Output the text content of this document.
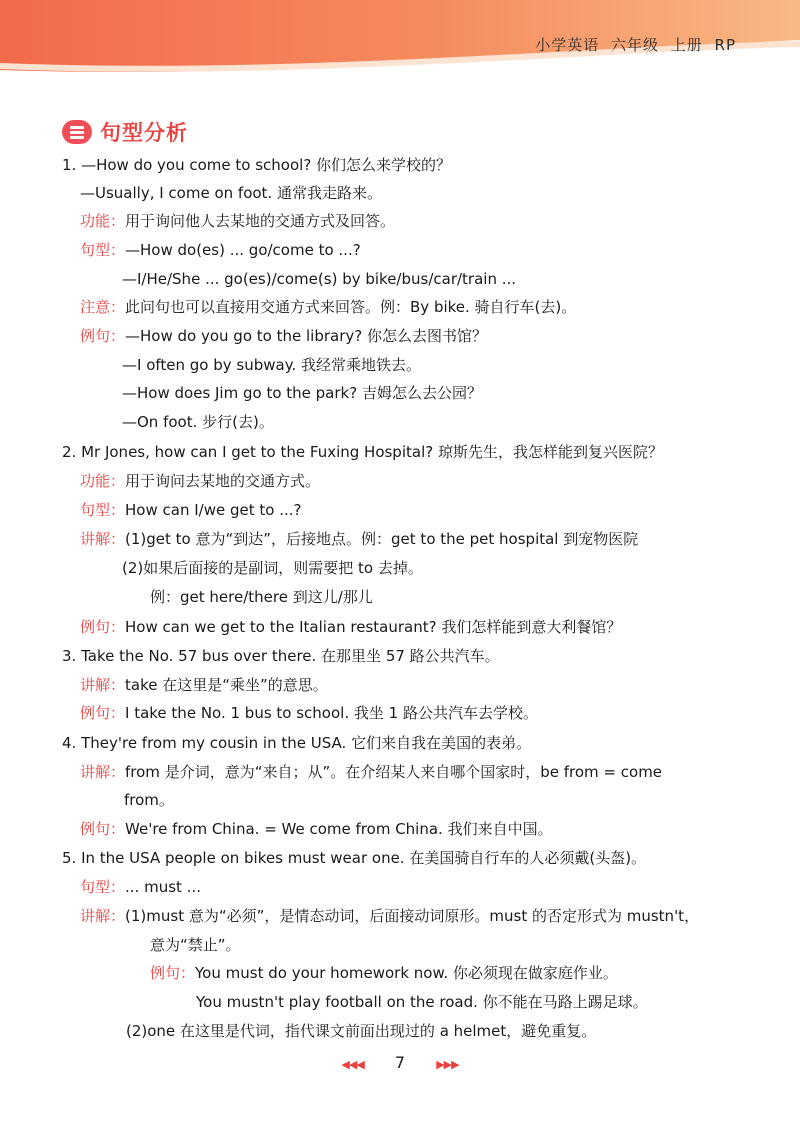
小学英语 六年级 上册 RP
句型分析
1. —How do you come to school? 你们怎么来学校的？
—Usually, I come on foot. 通常我走路来。
功能：用于询问他人去某地的交通方式及回答。
句型：—How do(es) ... go/come to ...?
—I/He/She ... go(es)/come(s) by bike/bus/car/train ...
注意：此问句也可以直接用交通方式来回答。例：By bike. 骑自行车(去)。
例句：—How do you go to the library? 你怎么去图书馆？
—I often go by subway. 我经常乘地铁去。
—How does Jim go to the park? 吉姆怎么去公园？
—On foot. 步行(去)。
2. Mr Jones, how can I get to the Fuxing Hospital? 琼斯先生，我怎样能到复兴医院？
功能：用于询问去某地的交通方式。
句型：How can I/we get to ...?
讲解：(1)get to 意为“到达”，后接地点。例：get to the pet hospital 到宠物医院
(2)如果后面接的是副词，则需要把 to 去掉。
例：get here/there 到这儿/那儿
例句：How can we get to the Italian restaurant? 我们怎样能到意大利餐馆？
3. Take the No. 57 bus over there. 在那里坐 57 路公共汽车。
讲解：take 在这里是“乘坐”的意思。
例句：I take the No. 1 bus to school. 我坐 1 路公共汽车去学校。
4. They're from my cousin in the USA. 它们来自我在美国的表弟。
讲解：from 是介词，意为“来自；从”。在介绍某人来自哪个国家时，be from = come
from。
例句：We're from China. = We come from China. 我们来自中国。
5. In the USA people on bikes must wear one. 在美国骑自行车的人必须戴(头盔)。
句型：... must ...
讲解：(1)must 意为“必须”，是情态动词，后面接动词原形。must 的否定形式为 mustn't，
意为“禁止”。
例句：You must do your homework now. 你必须现在做家庭作业。
You mustn't play football on the road. 你不能在马路上踢足球。
(2)one 在这里是代词，指代课文前面出现过的 a helmet，避免重复。
◀◀◀ 7	▶▶▶
